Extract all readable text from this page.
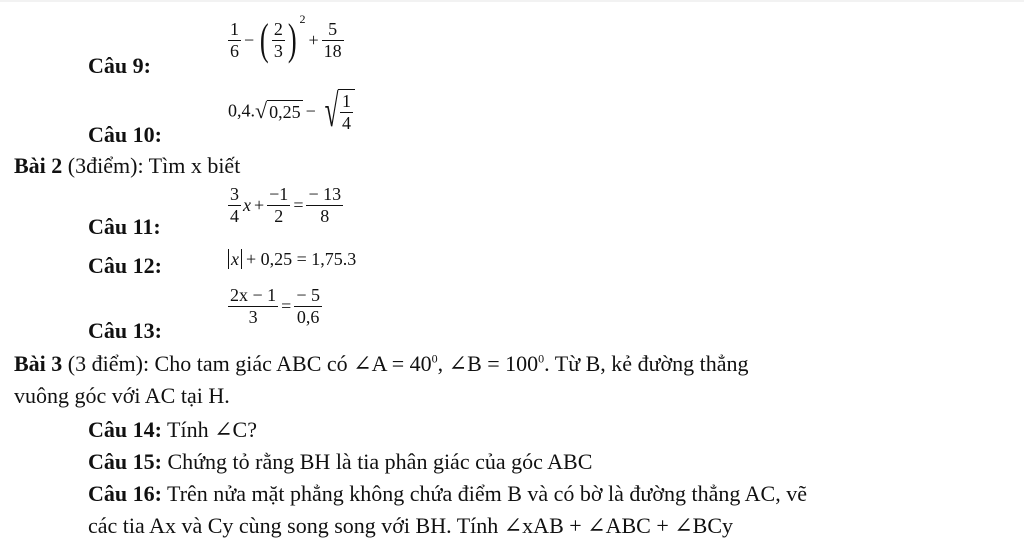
Câu 9:
$\frac{1}{6}$ − ( $\frac{2}{3}$ ) $^2+ \frac{5}{18}$
Câu 10:
0,4.√ 0,25 − √ $\frac{1}{4}$
Bài 2 (3điểm): Tìm x biết
Câu 11:
$\frac{3}{4}$ $x + \frac{-1}{2} = \frac{- 13}{8}$
Câu 12:	x + 0,25 = 1,75.3
Câu 13:
$\frac{2x - 1}{3} = \frac{- 5}{0,6}$
Bài 3 (3 điểm): Cho tam giác ABC có ∠A = $40^0$, ∠B = $100^0$. Từ B, kẻ đường thẳng
vuông góc với AC tại H.
Câu 14: Tính ∠C?
Câu 15: Chứng tỏ rằng BH là tia phân giác của góc ABC
Câu 16: Trên nửa mặt phẳng không chứa điểm B và có bờ là đường thẳng AC, vẽ
các tia Ax và Cy cùng song song với BH. Tính ∠xAB + ∠ABC + ∠BCy
